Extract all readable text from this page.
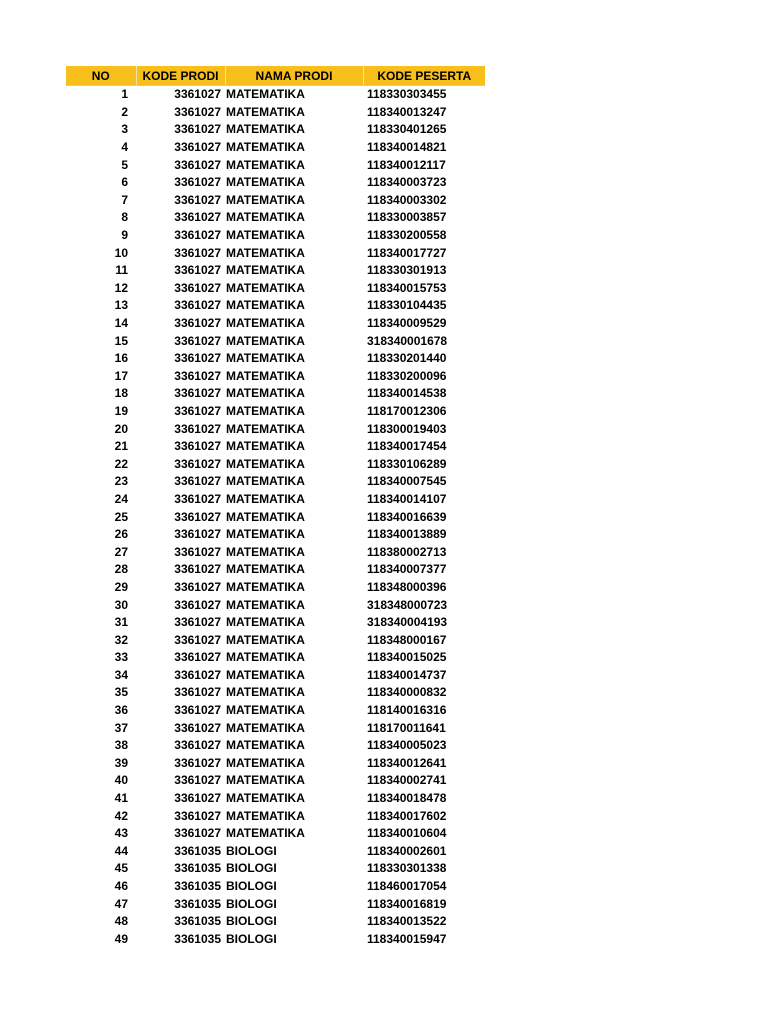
NO	KODE PRODI	NAMA PRODI	KODE PESERTA
1	3361027	MATEMATIKA	118330303455
2	3361027	MATEMATIKA	118340013247
3	3361027	MATEMATIKA	118330401265
4	3361027	MATEMATIKA	118340014821
5	3361027	MATEMATIKA	118340012117
6	3361027	MATEMATIKA	118340003723
7	3361027	MATEMATIKA	118340003302
8	3361027	MATEMATIKA	118330003857
9	3361027	MATEMATIKA	118330200558
10	3361027	MATEMATIKA	118340017727
11	3361027	MATEMATIKA	118330301913
12	3361027	MATEMATIKA	118340015753
13	3361027	MATEMATIKA	118330104435
14	3361027	MATEMATIKA	118340009529
15	3361027	MATEMATIKA	318340001678
16	3361027	MATEMATIKA	118330201440
17	3361027	MATEMATIKA	118330200096
18	3361027	MATEMATIKA	118340014538
19	3361027	MATEMATIKA	118170012306
20	3361027	MATEMATIKA	118300019403
21	3361027	MATEMATIKA	118340017454
22	3361027	MATEMATIKA	118330106289
23	3361027	MATEMATIKA	118340007545
24	3361027	MATEMATIKA	118340014107
25	3361027	MATEMATIKA	118340016639
26	3361027	MATEMATIKA	118340013889
27	3361027	MATEMATIKA	118380002713
28	3361027	MATEMATIKA	118340007377
29	3361027	MATEMATIKA	118348000396
30	3361027	MATEMATIKA	318348000723
31	3361027	MATEMATIKA	318340004193
32	3361027	MATEMATIKA	118348000167
33	3361027	MATEMATIKA	118340015025
34	3361027	MATEMATIKA	118340014737
35	3361027	MATEMATIKA	118340000832
36	3361027	MATEMATIKA	118140016316
37	3361027	MATEMATIKA	118170011641
38	3361027	MATEMATIKA	118340005023
39	3361027	MATEMATIKA	118340012641
40	3361027	MATEMATIKA	118340002741
41	3361027	MATEMATIKA	118340018478
42	3361027	MATEMATIKA	118340017602
43	3361027	MATEMATIKA	118340010604
44	3361035	BIOLOGI	118340002601
45	3361035	BIOLOGI	118330301338
46	3361035	BIOLOGI	118460017054
47	3361035	BIOLOGI	118340016819
48	3361035	BIOLOGI	118340013522
49	3361035	BIOLOGI	118340015947
